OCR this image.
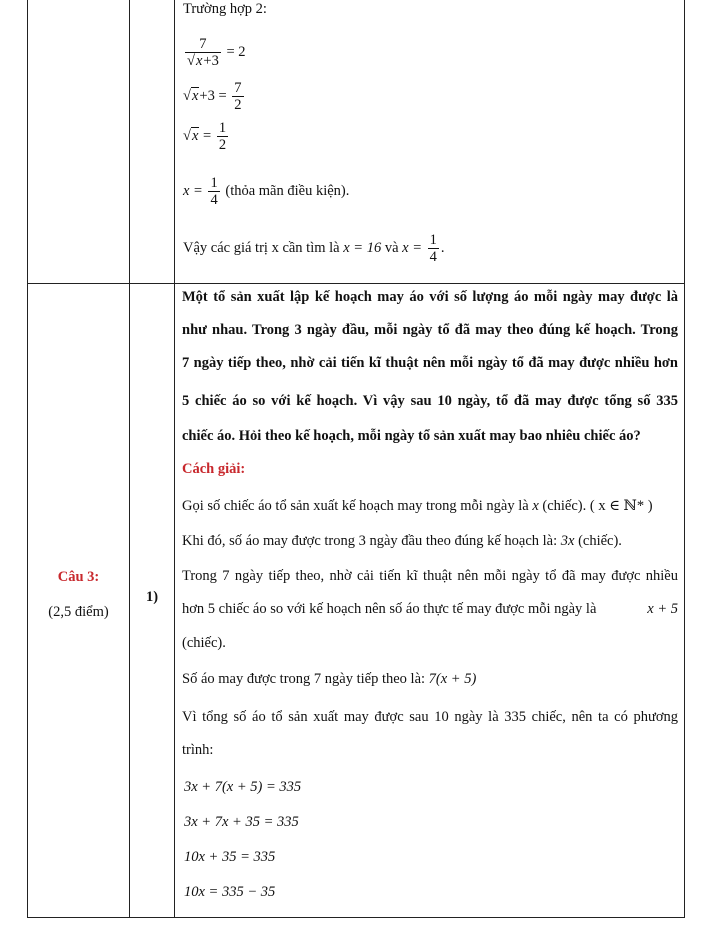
Trường hợp 2:
$\frac{7}{√x+3} = 2$
$√x+3 = \frac{7}{2}$
$√x = \frac{1}{2}$
$x = \frac{1}{4}$ (thỏa mãn điều kiện).
Vậy các giá trị x cần tìm là x = 16 và $x = \frac{1}{4}$ .
Câu 3:
(2,5 điểm)
1)
Một tổ sản xuất lập kế hoạch may áo với số lượng áo mỗi ngày may được là
như nhau. Trong 3 ngày đầu, mỗi ngày tổ đã may theo đúng kế hoạch. Trong
7 ngày tiếp theo, nhờ cải tiến kĩ thuật nên mỗi ngày tổ đã may được nhiều hơn
5 chiếc áo so với kế hoạch. Vì vậy sau 10 ngày, tổ đã may được tổng số 335
chiếc áo. Hỏi theo kế hoạch, mỗi ngày tổ sản xuất may bao nhiêu chiếc áo?
Cách giải:
Gọi số chiếc áo tổ sản xuất kế hoạch may trong mỗi ngày là x (chiếc). ( x ∈ ℕ* )
Khi đó, số áo may được trong 3 ngày đầu theo đúng kế hoạch là: 3x (chiếc).
Trong 7 ngày tiếp theo, nhờ cải tiến kĩ thuật nên mỗi ngày tổ đã may được nhiều
hơn 5 chiếc áo so với kế hoạch nên số áo thực tế may được mỗi ngày là	x + 5
(chiếc).
Số áo may được trong 7 ngày tiếp theo là: 7(x + 5)
Vì tổng số áo tổ sản xuất may được sau 10 ngày là 335 chiếc, nên ta có phương
trình:
3x + 7(x + 5) = 335
3x + 7x + 35 = 335
10x + 35 = 335
10x = 335 − 35
